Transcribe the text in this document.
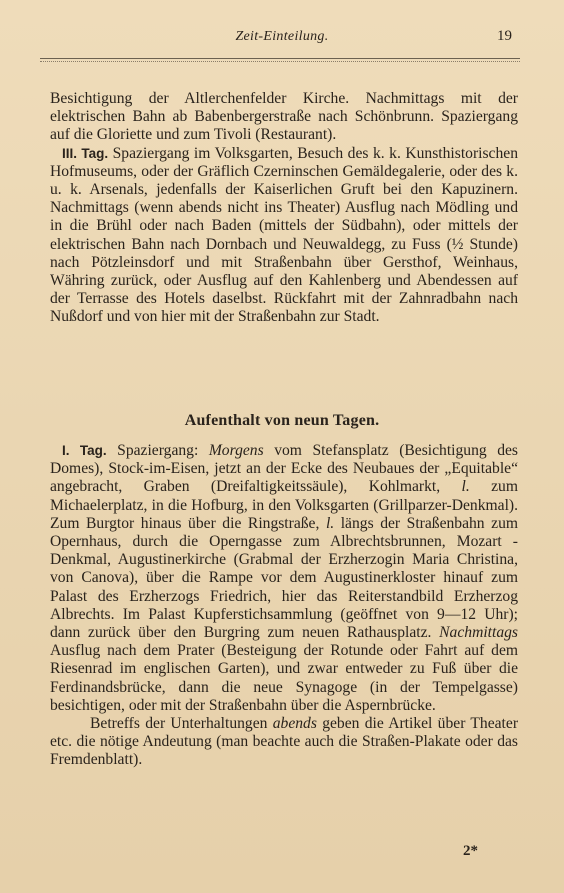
Zeit-Einteilung.	19

Besichtigung der Altlerchenfelder Kirche. Nachmittags mit der elektrischen Bahn ab Babenbergerstraße nach Schönbrunn. Spaziergang auf die Gloriette und zum Tivoli (Restaurant).

III. Tag. Spaziergang im Volksgarten, Besuch des k. k. Kunsthistorischen Hofmuseums, oder der Gräflich Czerninschen Gemäldegalerie, oder des k. u. k. Arsenals, jedenfalls der Kaiserlichen Gruft bei den Kapuzinern. Nachmittags (wenn abends nicht ins Theater) Ausflug nach Mödling und in die Brühl oder nach Baden (mittels der Südbahn), oder mittels der elektrischen Bahn nach Dornbach und Neuwaldegg, zu Fuss (½ Stunde) nach Pötzleinsdorf und mit Straßenbahn über Gersthof, Weinhaus, Währing zurück, oder Ausflug auf den Kahlenberg und Abendessen auf der Terrasse des Hotels daselbst. Rückfahrt mit der Zahnradbahn nach Nußdorf und von hier mit der Straßenbahn zur Stadt.

Aufenthalt von neun Tagen.

I. Tag. Spaziergang: Morgens vom Stefansplatz (Besichtigung des Domes), Stock-im-Eisen, jetzt an der Ecke des Neubaues der „Equitable“ angebracht, Graben (Dreifaltigkeitssäule), Kohlmarkt, l. zum Michaelerplatz, in die Hofburg, in den Volksgarten (Grillparzer-Denkmal). Zum Burgtor hinaus über die Ringstraße, l. längs der Straßenbahn zum Opernhaus, durch die Operngasse zum Albrechtsbrunnen, Mozart - Denkmal, Augustinerkirche (Grabmal der Erzherzogin Maria Christina, von Canova), über die Rampe vor dem Augustinerkloster hinauf zum Palast des Erzherzogs Friedrich, hier das Reiterstandbild Erzherzog Albrechts. Im Palast Kupferstichsammlung (geöffnet von 9—12 Uhr); dann zurück über den Burgring zum neuen Rathausplatz. Nachmittags Ausflug nach dem Prater (Besteigung der Rotunde oder Fahrt auf dem Riesenrad im englischen Garten), und zwar entweder zu Fuß über die Ferdinandsbrücke, dann die neue Synagoge (in der Tempelgasse) besichtigen, oder mit der Straßenbahn über die Aspernbrücke.

Betreffs der Unterhaltungen abends geben die Artikel über Theater etc. die nötige Andeutung (man beachte auch die Straßen-Plakate oder das Fremdenblatt).

2*
